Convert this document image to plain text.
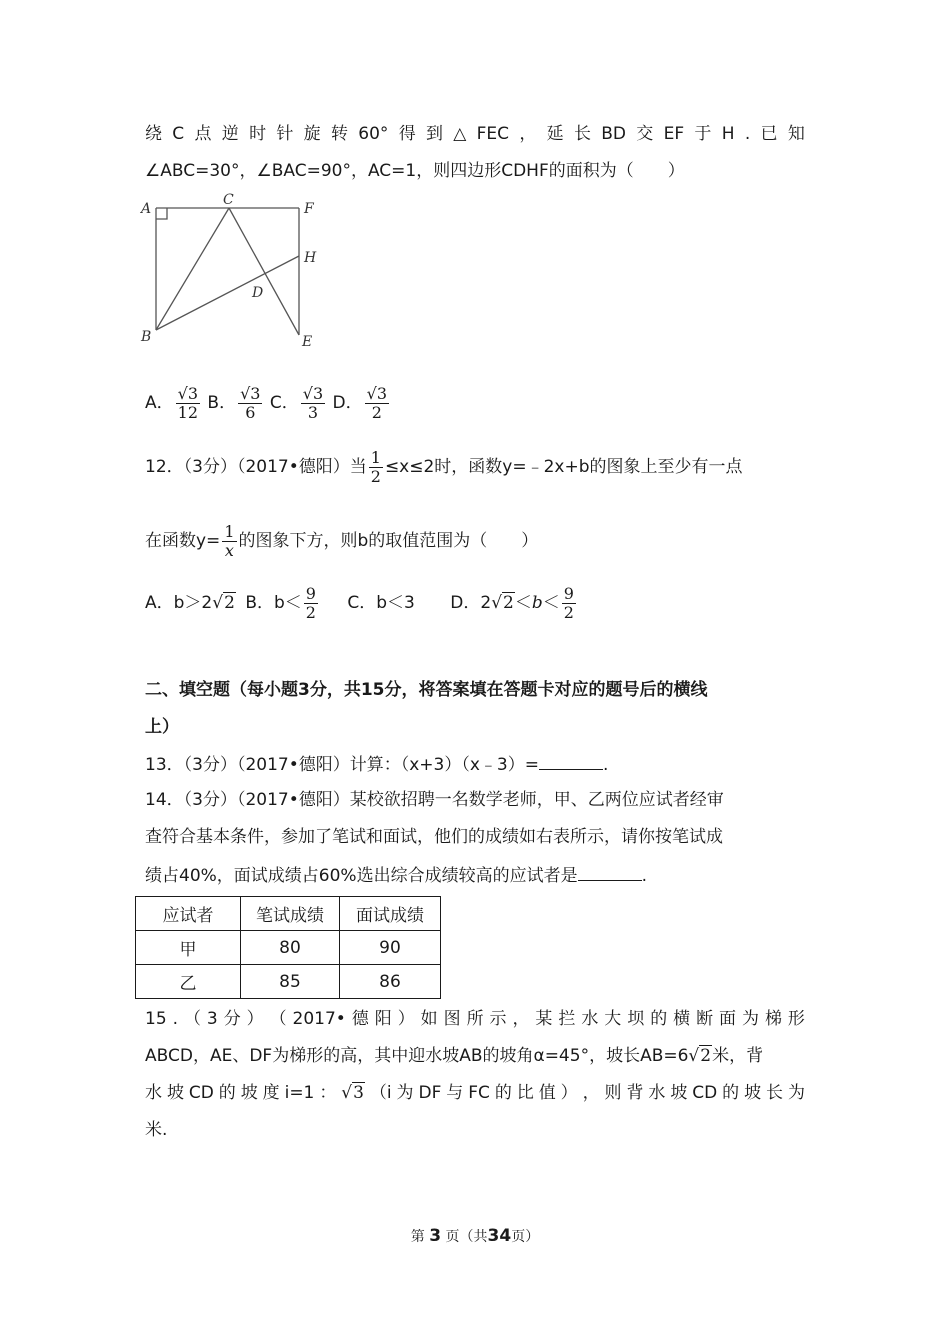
绕 C 点 逆 时 针 旋 转 60° 得 到 △ FEC ， 延 长 BD 交 EF 于 H . 已 知
∠ABC=30°，∠BAC=90°，AC=1，则四边形CDHF的面积为（　　）
A
C
F
H
D
B	E
A． $\frac{√3}{12}$ B． $\frac{√3}{6}$ C． $\frac{√3}{3}$ D． $\frac{√3}{2}$
12．（3分）（2017•德阳）当 $\frac{1}{2} \le x\le 2$时，函数y=﹣2x+b的图象上至少有一点
在函数$y= \frac{1}{x}$ 的图象下方，则b的取值范围为（　　）
A．b＞2√2 B．$b< \frac{9}{2}$ C．b＜3 D．$2√2<b< \frac{9}{2}$
二、填空题（每小题3分，共15分，将答案填在答题卡对应的题号后的横线
上）
13．（3分）（2017•德阳）计算：（x+3）（x﹣3）=	.
14．（3分）（2017•德阳）某校欲招聘一名数学老师，甲、乙两位应试者经审
查符合基本条件，参加了笔试和面试，他们的成绩如右表所示，请你按笔试成
绩占40%，面试成绩占60%选出综合成绩较高的应试者是	.
应试者	笔试成绩	面试成绩
甲	80	90
乙	85	86
15 . （ 3 分 ） （ 2017• 德 阳 ） 如 图 所 示 ， 某 拦 水 大 坝 的 横 断 面 为 梯 形
ABCD，AE、DF为梯形的高，其中迎水坡AB的坡角α=45°，坡长AB=6√2米，背
水 坡 CD 的 坡 度 i=1 ： √3 （i 为 DF 与 FC 的 比 值 ） ， 则 背 水 坡 CD 的 坡 长 为
米.
第 3 页（共34页）
